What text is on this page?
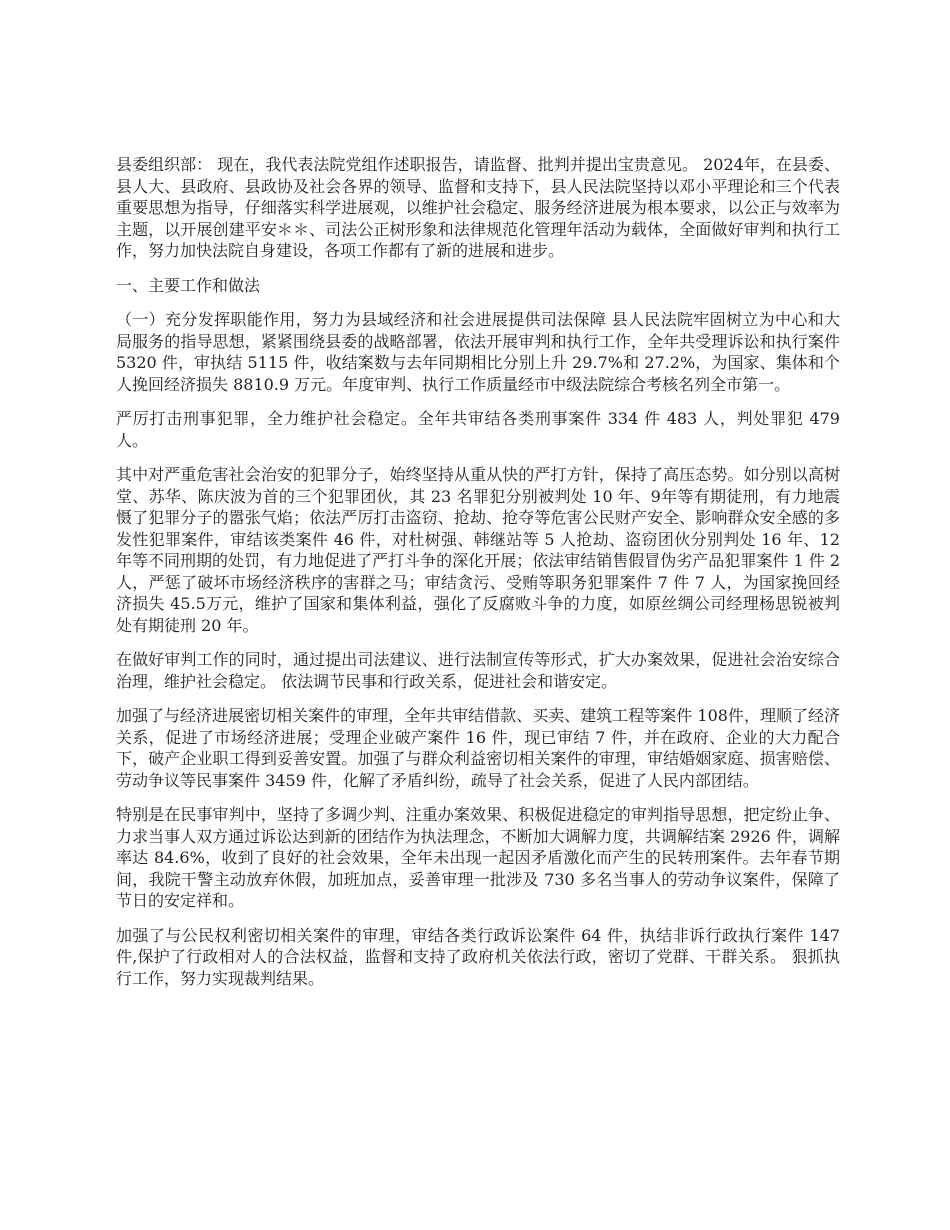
县委组织部： 现在，我代表法院党组作述职报告，请监督、批判并提出宝贵意见。 2024年，在县委、县人大、县政府、县政协及社会各界的领导、监督和支持下，县人民法院坚持以邓小平理论和三个代表重要思想为指导，仔细落实科学进展观，以维护社会稳定、服务经济进展为根本要求，以公正与效率为主题，以开展创建平安＊＊、司法公正树形象和法律规范化管理年活动为载体，全面做好审判和执行工作，努力加快法院自身建设，各项工作都有了新的进展和进步。

一、主要工作和做法

（一）充分发挥职能作用，努力为县域经济和社会进展提供司法保障 县人民法院牢固树立为中心和大局服务的指导思想，紧紧围绕县委的战略部署，依法开展审判和执行工作，全年共受理诉讼和执行案件 5320 件，审执结 5115 件，收结案数与去年同期相比分别上升 29.7%和 27.2%，为国家、集体和个人挽回经济损失 8810.9 万元。年度审判、执行工作质量经市中级法院综合考核名列全市第一。

严厉打击刑事犯罪，全力维护社会稳定。全年共审结各类刑事案件 334 件 483 人，判处罪犯 479 人。

其中对严重危害社会治安的犯罪分子，始终坚持从重从快的严打方针，保持了高压态势。如分别以高树堂、苏华、陈庆波为首的三个犯罪团伙，其 23 名罪犯分别被判处 10 年、9年等有期徒刑，有力地震慑了犯罪分子的嚣张气焰；依法严厉打击盗窃、抢劫、抢夺等危害公民财产安全、影响群众安全感的多发性犯罪案件，审结该类案件 46 件，对杜树强、韩继站等 5 人抢劫、盗窃团伙分别判处 16 年、12 年等不同刑期的处罚，有力地促进了严打斗争的深化开展；依法审结销售假冒伪劣产品犯罪案件 1 件 2 人，严惩了破坏市场经济秩序的害群之马；审结贪污、受贿等职务犯罪案件 7 件 7 人，为国家挽回经济损失 45.5万元，维护了国家和集体利益，强化了反腐败斗争的力度，如原丝绸公司经理杨思锐被判处有期徒刑 20 年。

在做好审判工作的同时，通过提出司法建议、进行法制宣传等形式，扩大办案效果，促进社会治安综合治理，维护社会稳定。 依法调节民事和行政关系，促进社会和谐安定。

加强了与经济进展密切相关案件的审理，全年共审结借款、买卖、建筑工程等案件 108件，理顺了经济关系，促进了市场经济进展；受理企业破产案件 16 件，现已审结 7 件，并在政府、企业的大力配合下，破产企业职工得到妥善安置。加强了与群众利益密切相关案件的审理，审结婚姻家庭、损害赔偿、劳动争议等民事案件 3459 件，化解了矛盾纠纷，疏导了社会关系，促进了人民内部团结。

特别是在民事审判中，坚持了多调少判、注重办案效果、积极促进稳定的审判指导思想，把定纷止争、力求当事人双方通过诉讼达到新的团结作为执法理念，不断加大调解力度，共调解结案 2926 件，调解率达 84.6%，收到了良好的社会效果，全年未出现一起因矛盾激化而产生的民转刑案件。去年春节期间，我院干警主动放弃休假，加班加点，妥善审理一批涉及 730 多名当事人的劳动争议案件，保障了节日的安定祥和。

加强了与公民权利密切相关案件的审理，审结各类行政诉讼案件 64 件，执结非诉行政执行案件 147 件,保护了行政相对人的合法权益，监督和支持了政府机关依法行政，密切了党群、干群关系。 狠抓执行工作，努力实现裁判结果。
